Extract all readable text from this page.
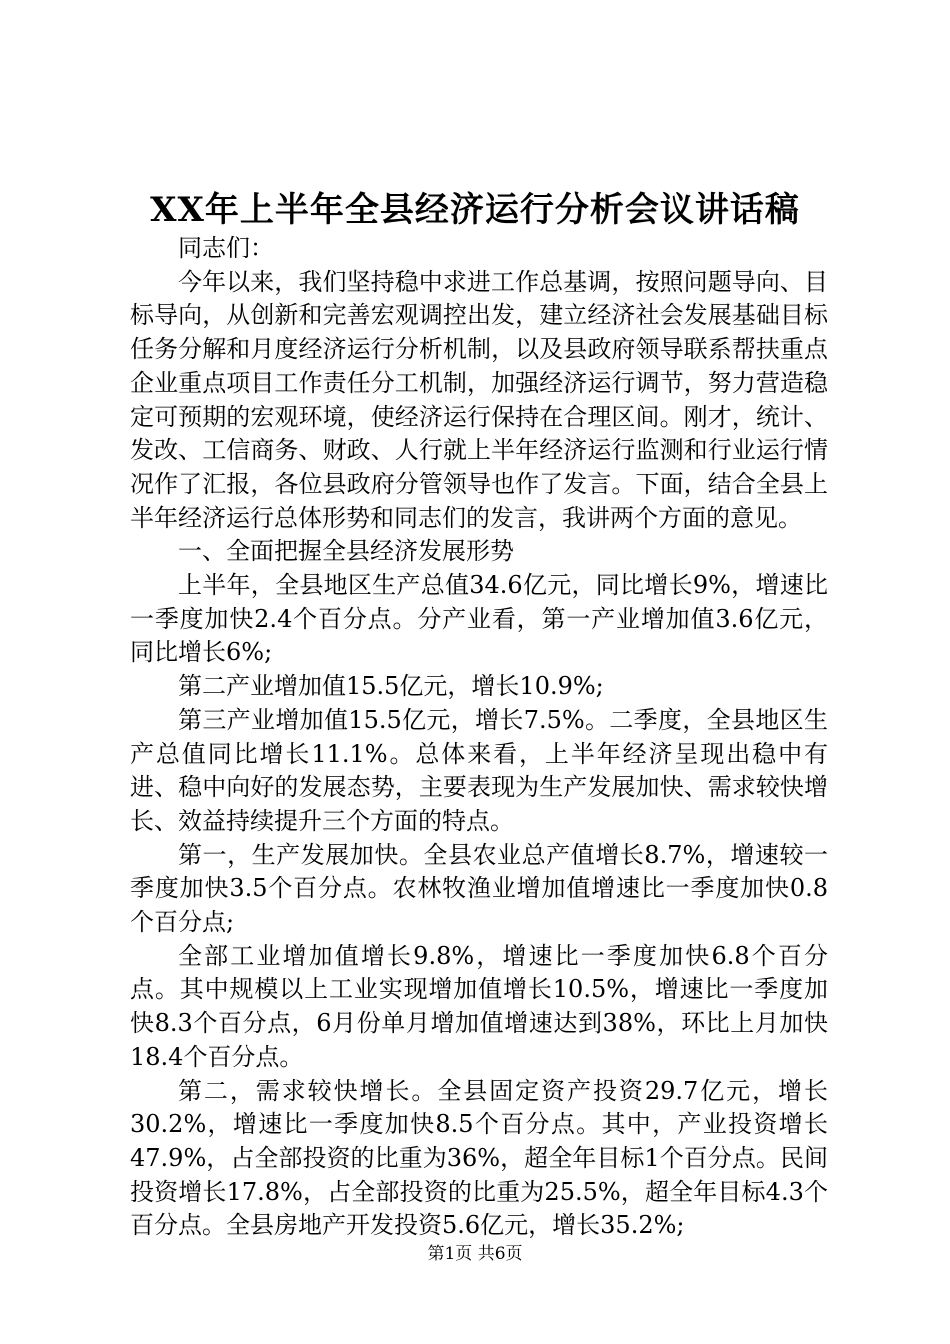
XX年上半年全县经济运行分析会议讲话稿

同志们：

今年以来，我们坚持稳中求进工作总基调，按照问题导向、目标导向，从创新和完善宏观调控出发，建立经济社会发展基础目标任务分解和月度经济运行分析机制，以及县政府领导联系帮扶重点企业重点项目工作责任分工机制，加强经济运行调节，努力营造稳定可预期的宏观环境，使经济运行保持在合理区间。刚才，统计、发改、工信商务、财政、人行就上半年经济运行监测和行业运行情况作了汇报，各位县政府分管领导也作了发言。下面，结合全县上半年经济运行总体形势和同志们的发言，我讲两个方面的意见。

一、全面把握全县经济发展形势

上半年，全县地区生产总值34.6亿元，同比增长9%，增速比一季度加快2.4个百分点。分产业看，第一产业增加值3.6亿元，同比增长6%;

第二产业增加值15.5亿元，增长10.9%;

第三产业增加值15.5亿元，增长7.5%。二季度，全县地区生产总值同比增长11.1%。总体来看，上半年经济呈现出稳中有进、稳中向好的发展态势，主要表现为生产发展加快、需求较快增长、效益持续提升三个方面的特点。

第一，生产发展加快。全县农业总产值增长8.7%，增速较一季度加快3.5个百分点。农林牧渔业增加值增速比一季度加快0.8个百分点;

全部工业增加值增长9.8%，增速比一季度加快6.8个百分点。其中规模以上工业实现增加值增长10.5%，增速比一季度加快8.3个百分点，6月份单月增加值增速达到38%，环比上月加快18.4个百分点。

第二，需求较快增长。全县固定资产投资29.7亿元，增长30.2%，增速比一季度加快8.5个百分点。其中，产业投资增长47.9%，占全部投资的比重为36%，超全年目标1个百分点。民间投资增长17.8%，占全部投资的比重为25.5%，超全年目标4.3个百分点。全县房地产开发投资5.6亿元，增长35.2%;

第1页 共6页
